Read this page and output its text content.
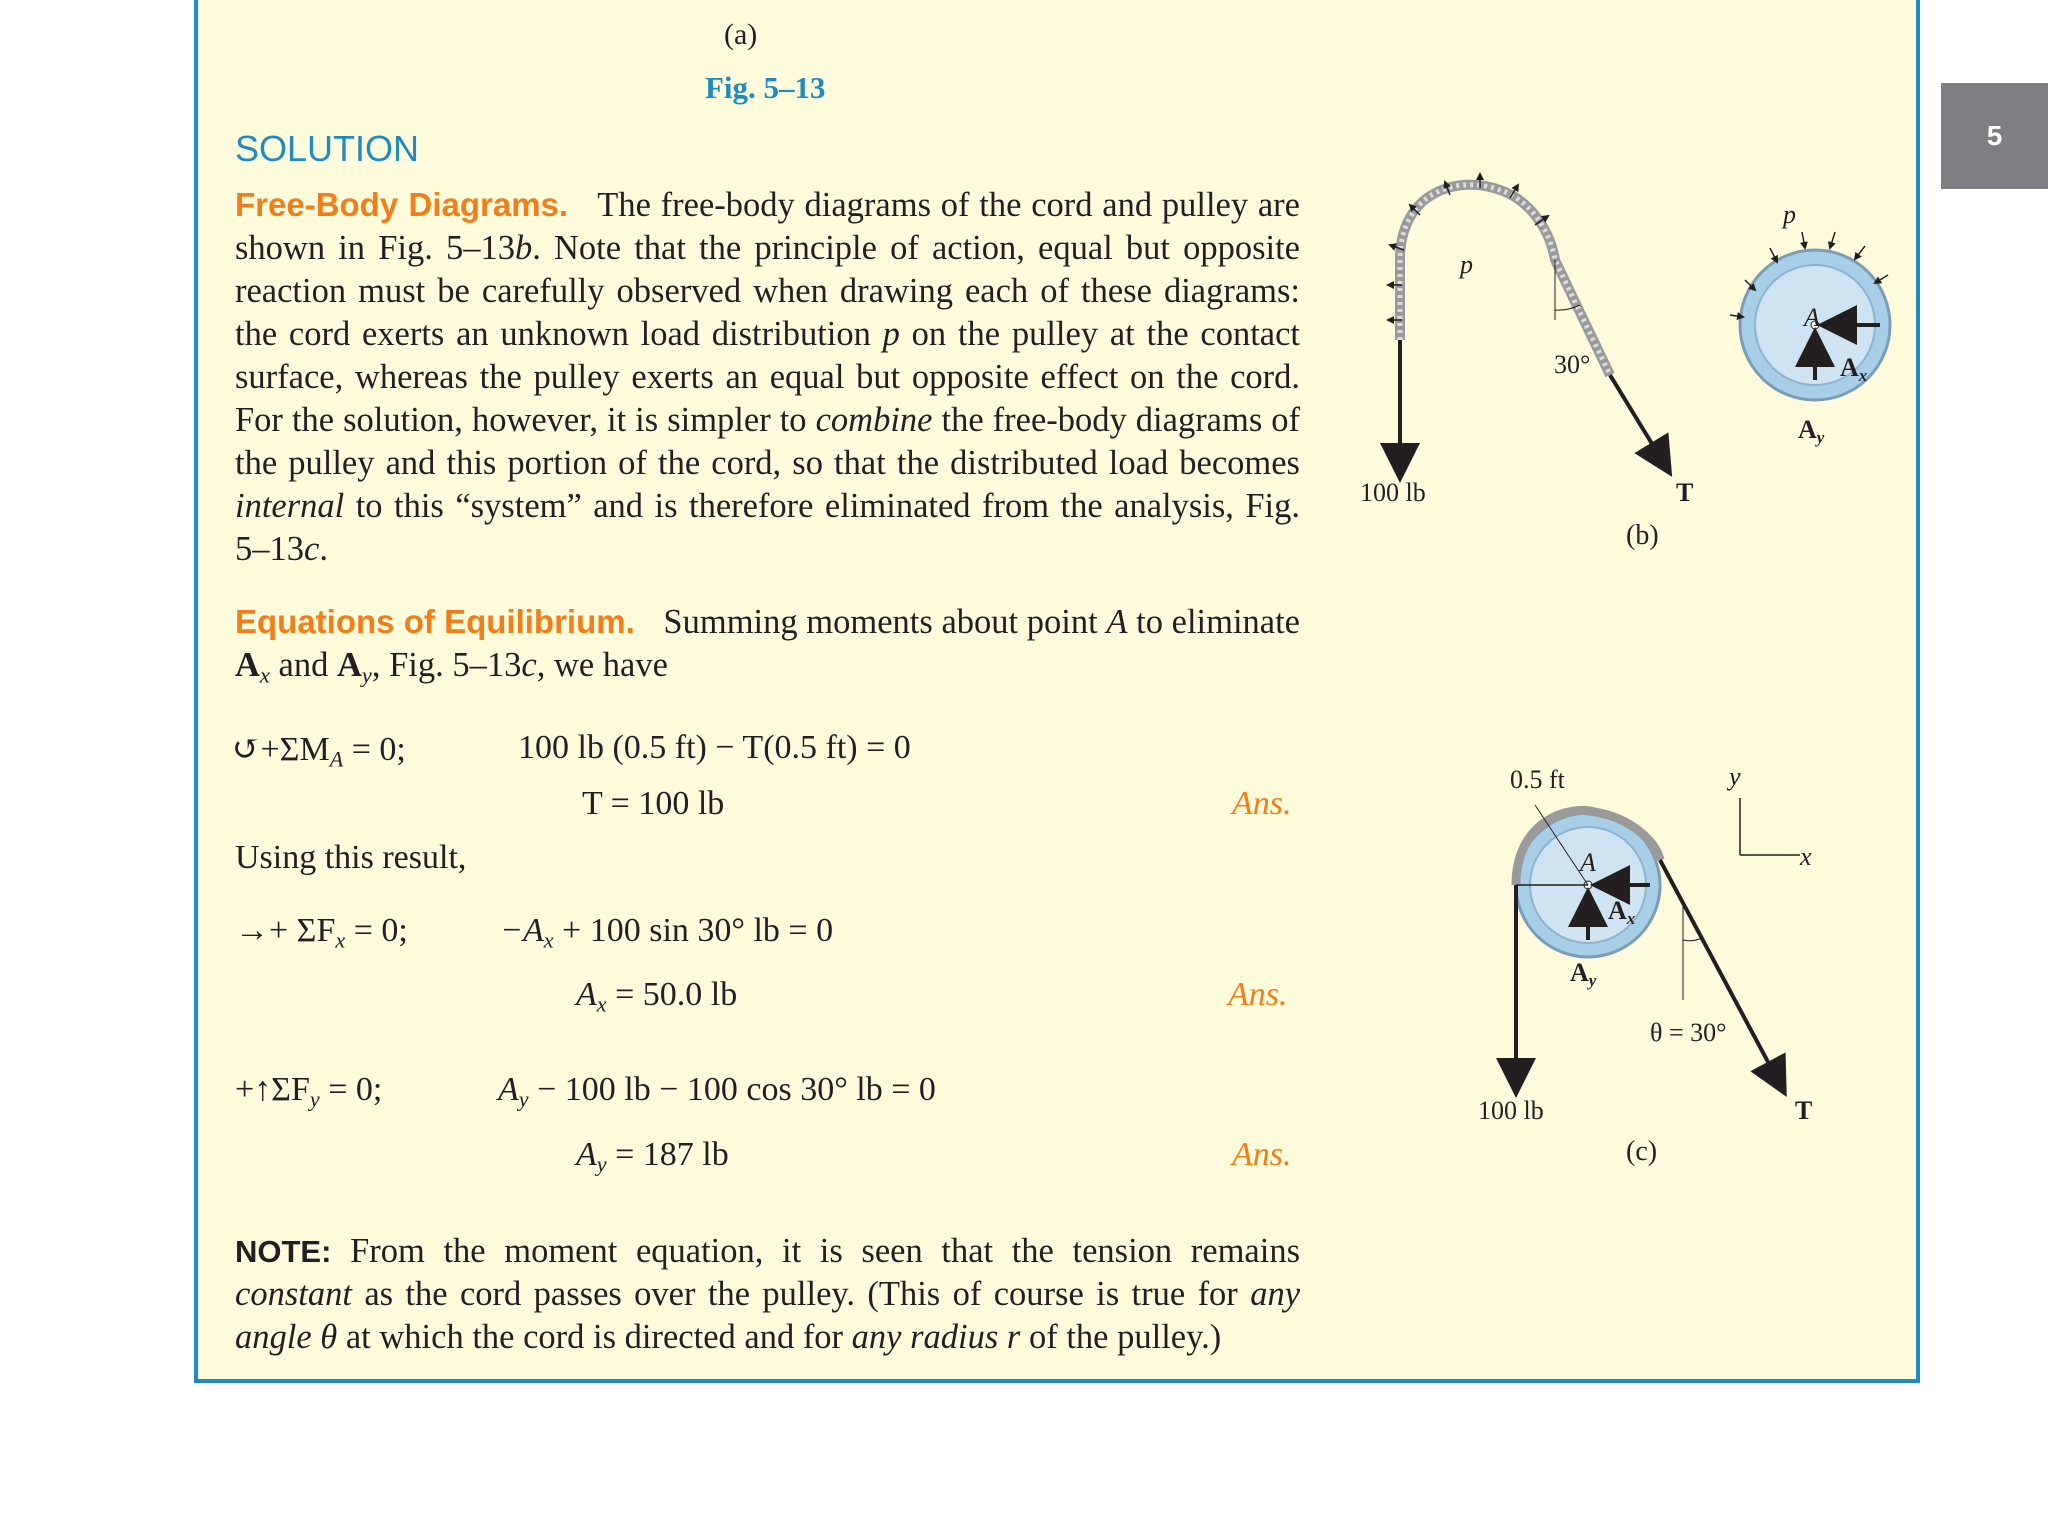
5
(a)
Fig. 5–13
SOLUTION
Free-Body Diagrams. The free-body diagrams of the cord and pulley are shown in Fig. 5–13b. Note that the principle of action, equal but opposite reaction must be carefully observed when drawing each of these diagrams: the cord exerts an unknown load distribution p on the pulley at the contact surface, whereas the pulley exerts an equal but opposite effect on the cord. For the solution, however, it is simpler to combine the free-body diagrams of the pulley and this portion of the cord, so that the distributed load becomes internal to this “system” and is therefore eliminated from the analysis, Fig. 5–13c.
Equations of Equilibrium. Summing moments about point A to eliminate $A_x$ and $A_y$, Fig. 5–13c, we have
$↺+\Sigma M_A = 0$;	100 lb (0.5 ft) − T(0.5 ft) = 0
T = 100 lb	Ans.
Using this result,
→+ $\Sigma F_x = 0$;	$-A_x + 100$ sin 30° lb = 0
$A_x = 50.0$ lb	Ans.
$+↑\Sigma F_y = 0$;	$A_y - 100$ lb − 100 cos 30° lb = 0
$A_y = 187$ lb	Ans.
NOTE: From the moment equation, it is seen that the tension remains constant as the cord passes over the pulley. (This of course is true for any angle θ at which the cord is directed and for any radius r of the pulley.)
100 lb	T
30°
p
p
A
$A_x$
$A_y$
(b)
0.5 ft
A
$A_x$
$A_y$
θ = 30°
100 lb	T
y
x
(c)
